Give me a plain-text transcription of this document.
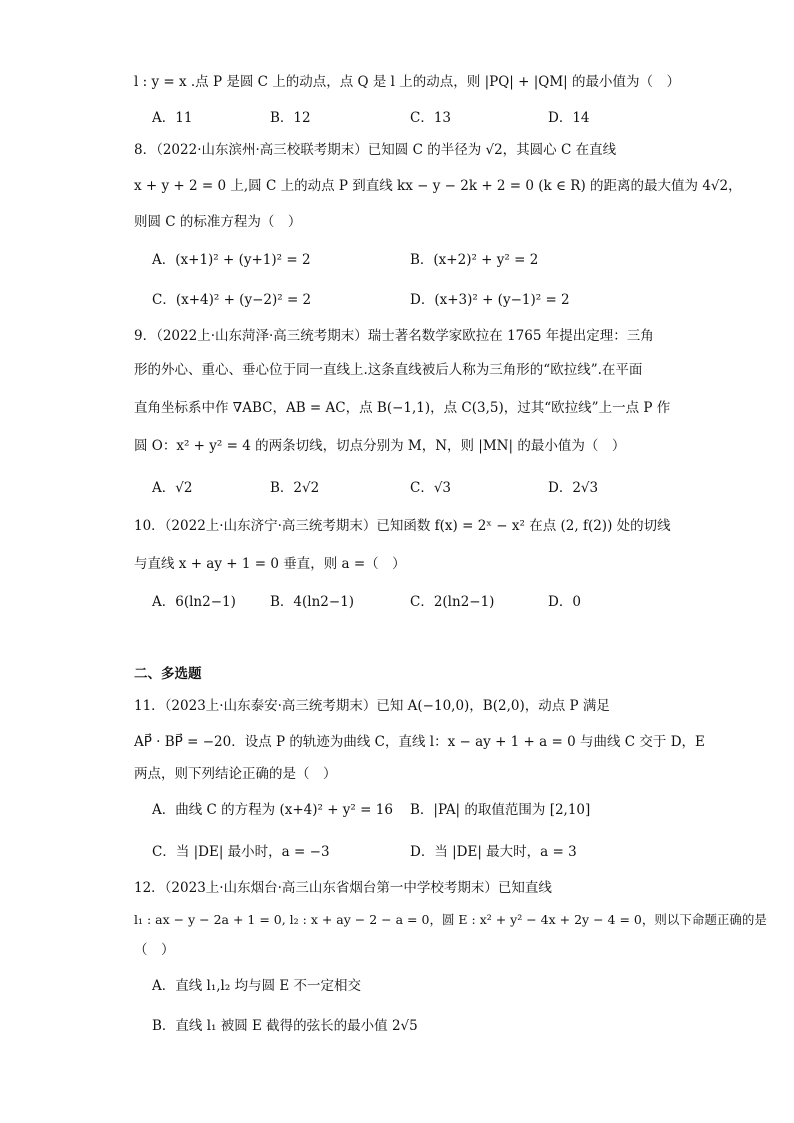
l : y = x .点 P 是圆 C 上的动点，点 Q 是 l 上的动点，则 |PQ| + |QM| 的最小值为（　）
A．11	B．12	C．13	D．14
8．（2022·山东滨州·高三校联考期末）已知圆 C 的半径为 √2，其圆心 C 在直线
x + y + 2 = 0 上,圆 C 上的动点 P 到直线 kx − y − 2k + 2 = 0 (k ∈ R) 的距离的最大值为 4√2，
则圆 C 的标准方程为（　）
A．(x+1)² + (y+1)² = 2	B．(x+2)² + y² = 2
C．(x+4)² + (y−2)² = 2	D．(x+3)² + (y−1)² = 2
9．（2022上·山东菏泽·高三统考期末）瑞士著名数学家欧拉在 1765 年提出定理：三角
形的外心、重心、垂心位于同一直线上.这条直线被后人称为三角形的“欧拉线”.在平面
直角坐标系中作 ∇ABC，AB = AC，点 B(−1,1)，点 C(3,5)，过其“欧拉线”上一点 P 作
圆 O：x² + y² = 4 的两条切线，切点分别为 M，N，则 |MN| 的最小值为（　）
A．√2	B．2√2	C．√3	D．2√3
10．（2022上·山东济宁·高三统考期末）已知函数 f(x) = 2ˣ − x² 在点 (2, f(2)) 处的切线
与直线 x + ay + 1 = 0 垂直，则 a =（　）
A．6(ln2−1)	B．4(ln2−1)	C．2(ln2−1)	D．0
二、多选题
11．（2023上·山东泰安·高三统考期末）已知 A(−10,0)，B(2,0)，动点 P 满足
AP⃗ · BP⃗ = −20．设点 P 的轨迹为曲线 C，直线 l：x − ay + 1 + a = 0 与曲线 C 交于 D，E
两点，则下列结论正确的是（　）
A．曲线 C 的方程为 (x+4)² + y² = 16 B．|PA| 的取值范围为 [2,10]
C．当 |DE| 最小时，a = −3	D．当 |DE| 最大时，a = 3
12．（2023上·山东烟台·高三山东省烟台第一中学校考期末）已知直线
l₁ : ax − y − 2a + 1 = 0, l₂ : x + ay − 2 − a = 0，圆 E : x² + y² − 4x + 2y − 4 = 0，则以下命题正确的是
（　）
A．直线 l₁,l₂ 均与圆 E 不一定相交
B．直线 l₁ 被圆 E 截得的弦长的最小值 2√5
